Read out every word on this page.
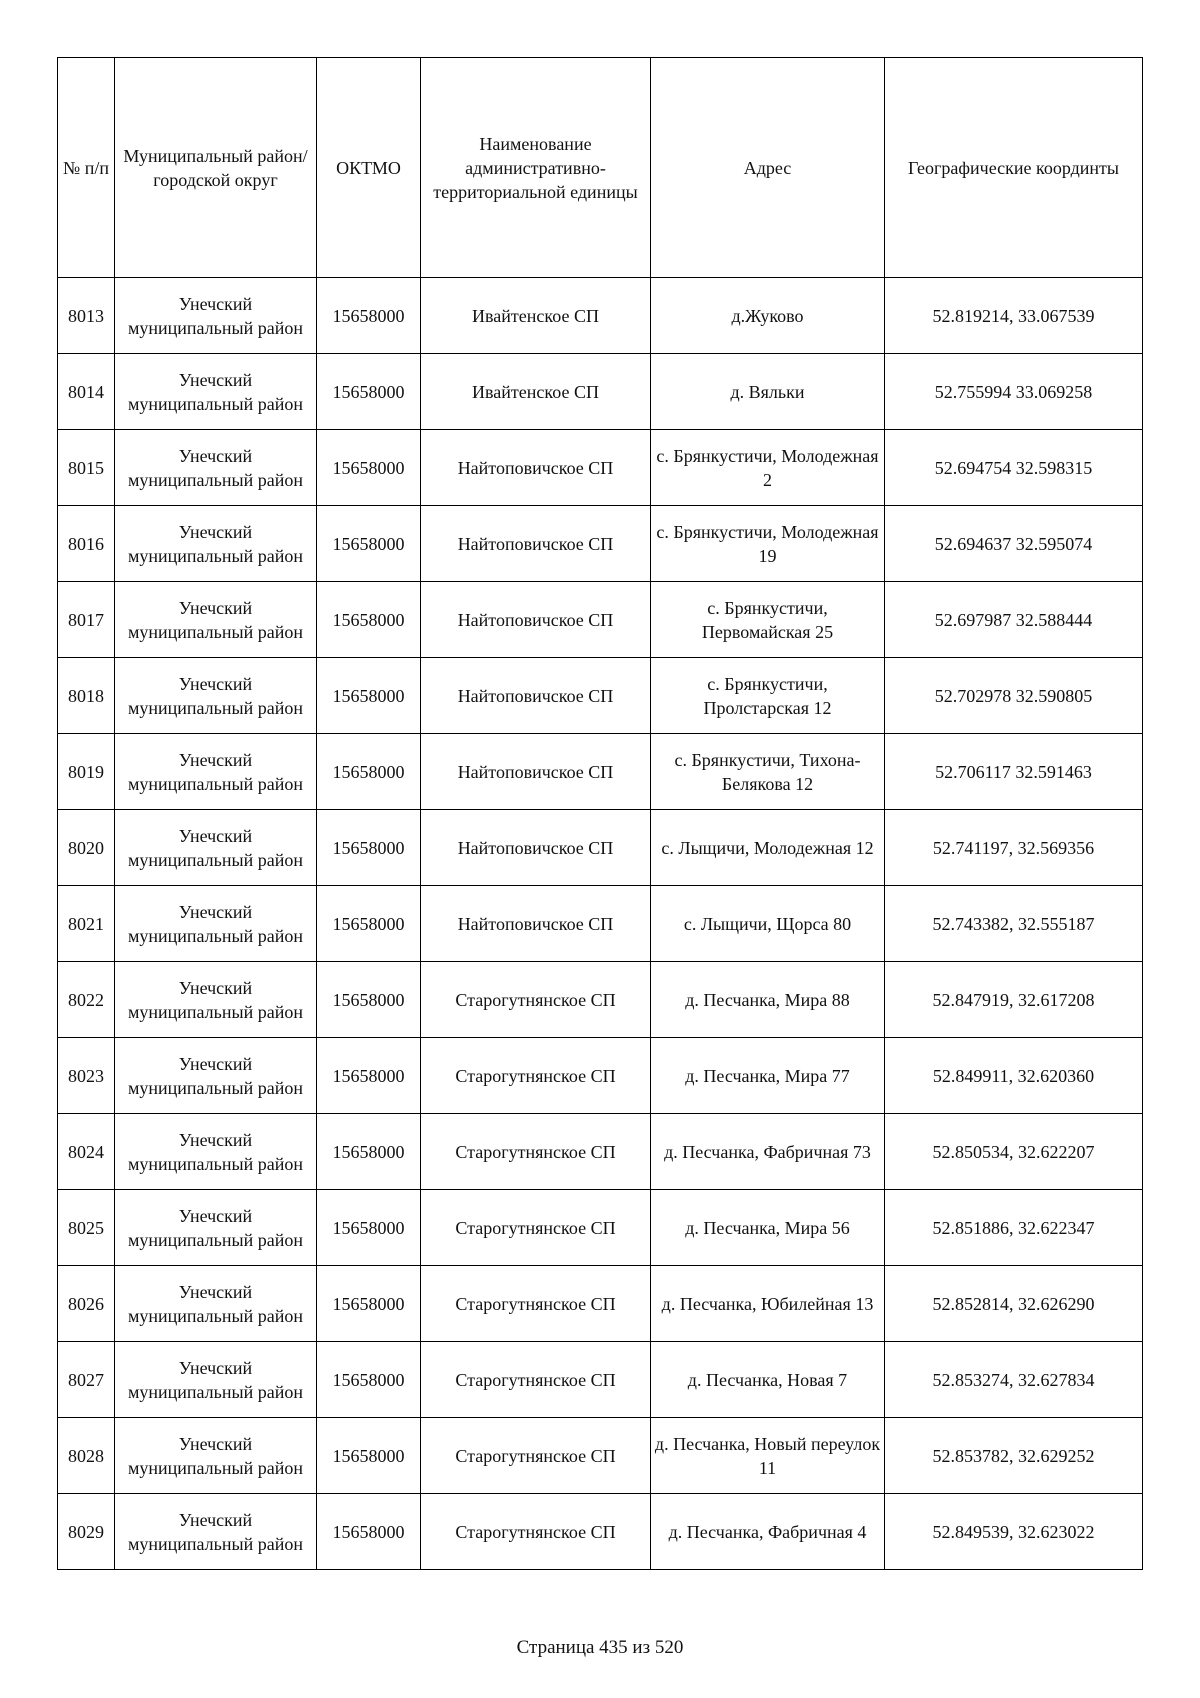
№ п/п	Муниципальный район/городской округ	ОКТМО	Наименование административно-территориальной единицы	Адрес	Географические координты
8013	Унечский муниципальный район	15658000	Ивайтенское СП	д.Жуково	52.819214, 33.067539
8014	Унечский муниципальный район	15658000	Ивайтенское СП	д. Вяльки	52.755994 33.069258
8015	Унечский муниципальный район	15658000	Найтоповичское СП	с. Брянкустичи, Молодежная 2	52.694754 32.598315
8016	Унечский муниципальный район	15658000	Найтоповичское СП	с. Брянкустичи, Молодежная 19	52.694637 32.595074
8017	Унечский муниципальный район	15658000	Найтоповичское СП	с. Брянкустичи, Первомайская 25	52.697987 32.588444
8018	Унечский муниципальный район	15658000	Найтоповичское СП	с. Брянкустичи, Пролстарская 12	52.702978 32.590805
8019	Унечский муниципальный район	15658000	Найтоповичское СП	с. Брянкустичи, Тихона-Белякова 12	52.706117 32.591463
8020	Унечский муниципальный район	15658000	Найтоповичское СП	с. Лыщичи, Молодежная 12	52.741197, 32.569356
8021	Унечский муниципальный район	15658000	Найтоповичское СП	с. Лыщичи, Щорса 80	52.743382, 32.555187
8022	Унечский муниципальный район	15658000	Старогутнянское СП	д. Песчанка, Мира 88	52.847919, 32.617208
8023	Унечский муниципальный район	15658000	Старогутнянское СП	д. Песчанка, Мира 77	52.849911, 32.620360
8024	Унечский муниципальный район	15658000	Старогутнянское СП	д. Песчанка, Фабричная 73	52.850534, 32.622207
8025	Унечский муниципальный район	15658000	Старогутнянское СП	д. Песчанка, Мира 56	52.851886, 32.622347
8026	Унечский муниципальный район	15658000	Старогутнянское СП	д. Песчанка, Юбилейная 13	52.852814, 32.626290
8027	Унечский муниципальный район	15658000	Старогутнянское СП	д. Песчанка, Новая 7	52.853274, 32.627834
8028	Унечский муниципальный район	15658000	Старогутнянское СП	д. Песчанка, Новый переулок 11	52.853782, 32.629252
8029	Унечский муниципальный район	15658000	Старогутнянское СП	д. Песчанка, Фабричная 4	52.849539, 32.623022
Страница 435 из 520
